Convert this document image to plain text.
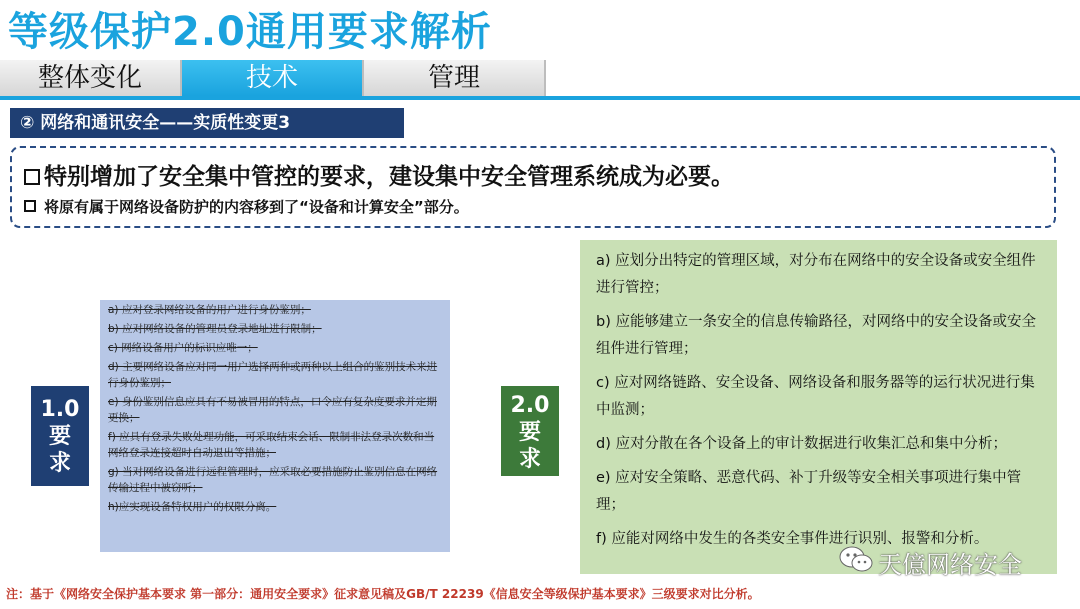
等级保护2.0通用要求解析
整体变化	技术	管理
② 网络和通讯安全——实质性变更3
特别增加了安全集中管控的要求，建设集中安全管理系统成为必要。
将原有属于网络设备防护的内容移到了“设备和计算安全”部分。
1.0
要
求
a) 应对登录网络设备的用户进行身份鉴别；
b) 应对网络设备的管理员登录地址进行限制；
c) 网络设备用户的标识应唯一；
d) 主要网络设备应对同一用户选择两种或两种以上组合的鉴别技术来进行身份鉴别；
e) 身份鉴别信息应具有不易被冒用的特点，口令应有复杂度要求并定期更换；
f) 应具有登录失败处理功能，可采取结束会话、限制非法登录次数和当网络登录连接超时自动退出等措施；
g) 当对网络设备进行远程管理时，应采取必要措施防止鉴别信息在网络传输过程中被窃听；
h)应实现设备特权用户的权限分离。
2.0
要
求
a) 应划分出特定的管理区域，对分布在网络中的安全设备或安全组件进行管控；
b) 应能够建立一条安全的信息传输路径，对网络中的安全设备或安全组件进行管理；
c) 应对网络链路、安全设备、网络设备和服务器等的运行状况进行集中监测；
d) 应对分散在各个设备上的审计数据进行收集汇总和集中分析；
e) 应对安全策略、恶意代码、补丁升级等安全相关事项进行集中管理；
f) 应能对网络中发生的各类安全事件进行识别、报警和分析。
天億网络安全
注：基于《网络安全保护基本要求 第一部分：通用安全要求》征求意见稿及GB/T 22239《信息安全等级保护基本要求》三级要求对比分析。
